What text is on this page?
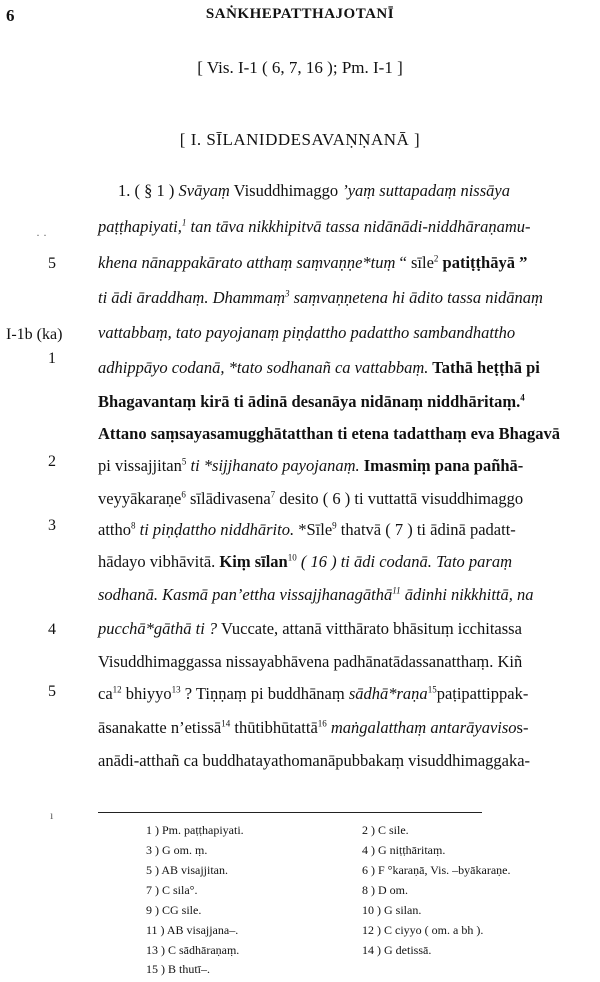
6	SAṄKHEPATTHAJOTANĪ
[ Vis. I-1 ( 6, 7, 16 ); Pm. I-1 ]
[ I. SĪLANIDDESAVAṆṆANĀ ]
· ·
5
I-1b (ka)
1
2
3
4
5
ı
1. ( § 1 ) Svāyaṃ Visuddhimaggo ’yaṃ suttapadaṃ nissāya
paṭṭhapiyati,$^1$ tan tāva nikkhipitvā tassa nidānādi-niddhāraṇamu-
khena nānappakārato atthaṃ saṃvaṇṇe*tuṃ “ sīle$^2$ patiṭṭhāyā ”
ti ādi āraddhaṃ. Dhammaṃ$^3$ saṃvaṇṇetena hi ādito tassa nidānaṃ
vattabbaṃ, tato payojanaṃ piṇḍattho padattho sambandhattho
adhippāyo codanā, *tato sodhanañ ca vattabbaṃ. Tathā heṭṭhā pi
Bhagavantaṃ kirā ti ādinā desanāya nidānaṃ niddhāritaṃ.$^4$
Attano saṃsayasamugghātatthan ti etena tadatthaṃ eva Bhagavā
pi vissajjitan$^5$ ti *sijjhanato payojanaṃ. Imasmiṃ pana pañhā-
veyyākaraṇe$^6$ sīlādivasena$^7$ desito ( 6 ) ti vuttattā visuddhimaggo
attho$^8$ ti piṇḍattho niddhārito. *Sīle$^9$ thatvā ( 7 ) ti ādinā padatt-
hādayo vibhāvitā. Kiṃ sīlan$^{10}$ ( 16 ) ti ādi codanā. Tato paraṃ
sodhanā. Kasmā pan’ettha vissajjhanagāthā$^{11}$ ādinhi nikkhittā, na
pucchā*gāthā ti ? Vuccate, attanā vitthārato bhāsituṃ icchitassa
Visuddhimaggassa nissayabhāvena padhānatādassanatthaṃ. Kiñ
$ca^{12}$ bhiyyo$^{13}$ ? Tiṇṇaṃ pi buddhānaṃ sādhā*raṇa$^{15}$paṭipattippak-
āsanakatte n’etissā$^{14}$ thūtibhūtattā$^{16}$ maṅgalatthaṃ antarāyavisos-
anādi-atthañ ca buddhatayathomanāpubbakaṃ visuddhimaggaka-
1 ) Pm. paṭṭhapiyati.	2 ) C sile.
3 ) G om. ṃ.	4 ) G niṭṭhāritaṃ.
5 ) AB visajjitan.	6 ) F °karaṇā, Vis. –byākaraṇe.
7 ) C sila°.	8 ) D om.
9 ) CG sile.	10 ) G silan.
11 ) AB visajjana–.	12 ) C ciyyo ( om. a bh ).
13 ) C sādhāraṇaṃ.	14 ) G detissā.
15 ) B thutī–.
